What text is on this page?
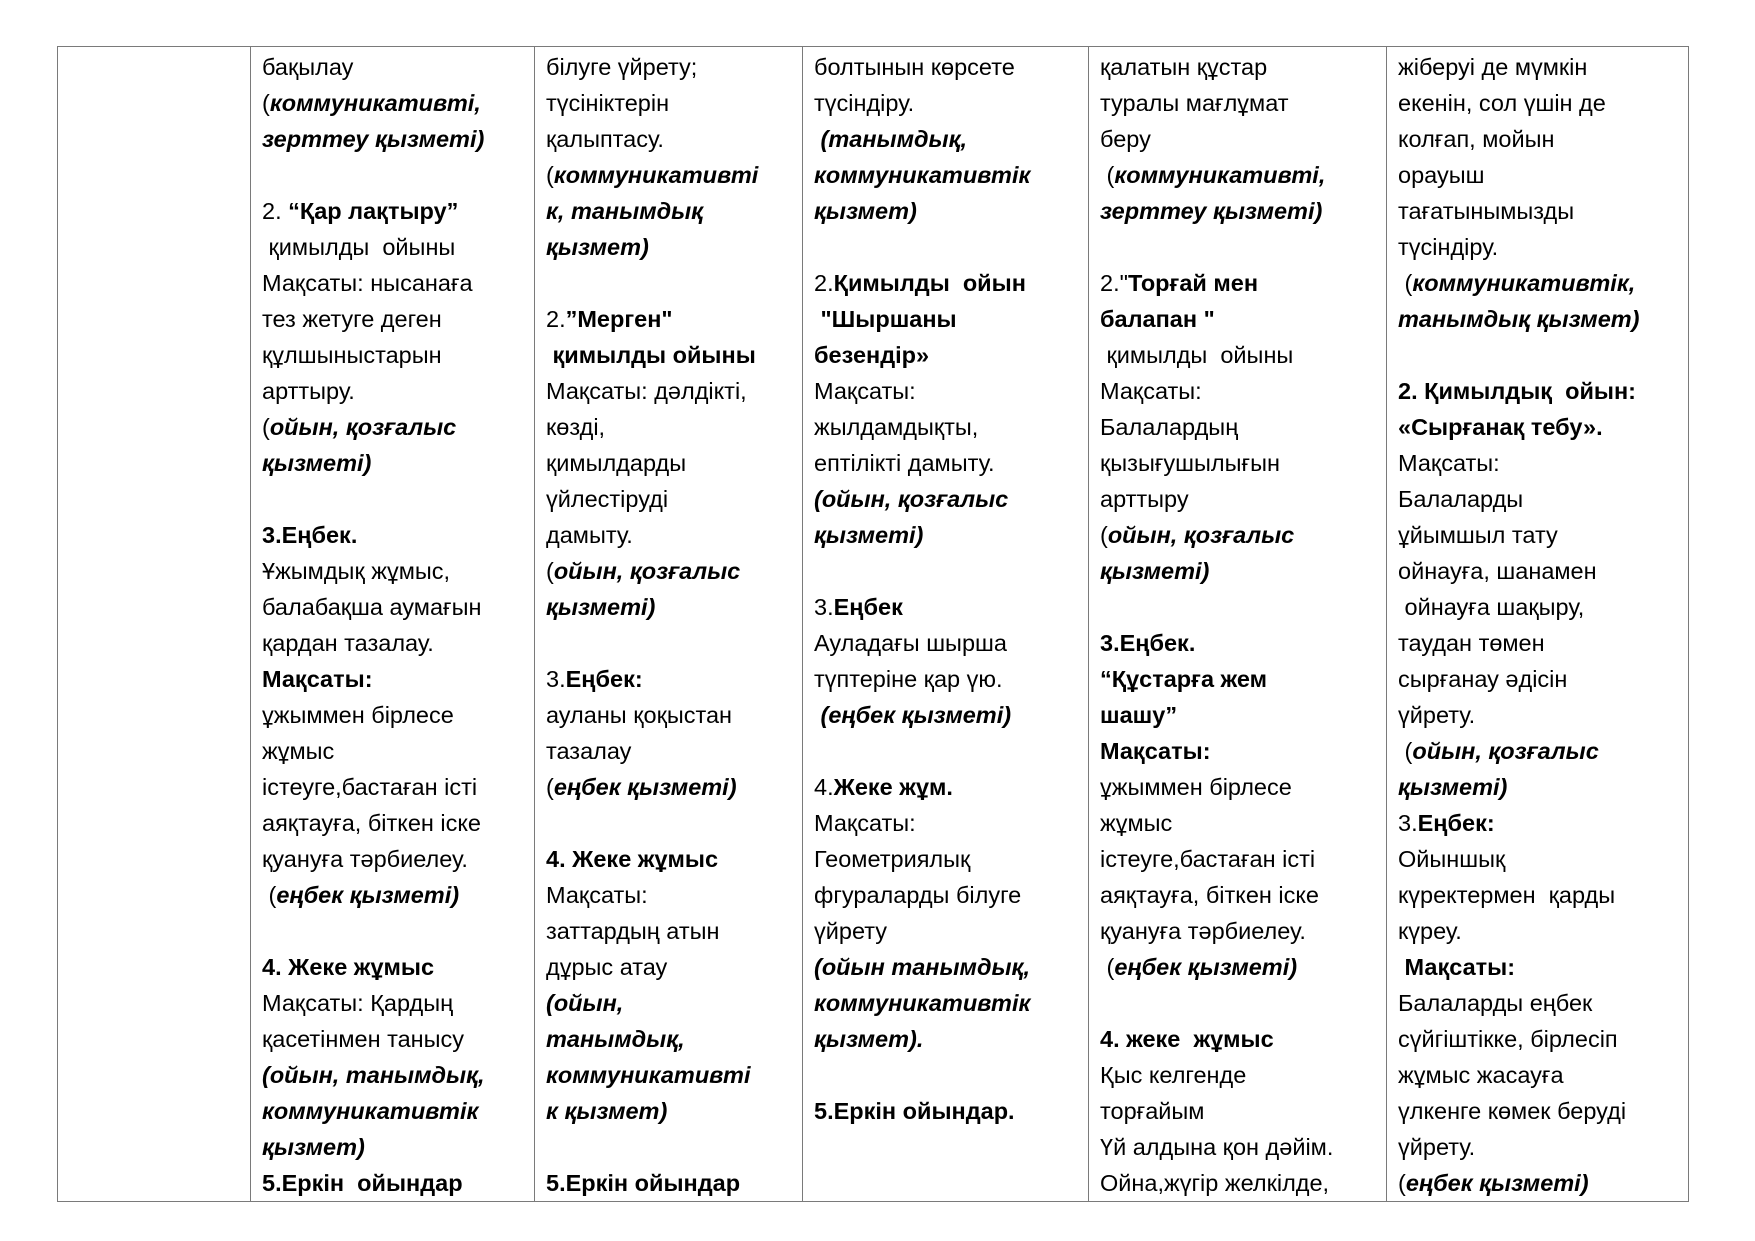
бақылау
(коммуникативті,
зерттеу қызметі)
2. “Қар лақтыру”
қимылды  ойыны
Мақсаты: нысанаға
тез жетуге деген
құлшыныстарын
арттыру.
(ойын, қозғалыс
қызметі)
3.Еңбек.
Ұжымдық жұмыс,
балабақша аумағын
қардан тазалау.
Мақсаты:
ұжыммен бірлесе
жұмыс
істеуге,бастаған істі
аяқтауға, біткен іске
қуануға тәрбиелеу.
(еңбек қызметі)
4. Жеке жұмыс
Мақсаты: Қардың
қасетінмен танысу
(ойын, танымдық,
коммуникативтік
қызмет)
5.Еркін  ойындар

білуге үйрету;
түсініктерін
қалыптасу.
(коммуникативті
к, танымдық
қызмет)
2.”Мерген"
қимылды ойыны
Мақсаты: дәлдікті,
көзді,
қимылдарды
үйлестіруді
дамыту.
(ойын, қозғалыс
қызметі)
3.Еңбек:
ауланы қоқыстан
тазалау
(еңбек қызметі)
4. Жеке жұмыс
Мақсаты:
заттардың атын
дұрыс атау
(ойын,
танымдық,
коммуникативті
к қызмет)
5.Еркін ойындар

болтынын көрсете
түсіндіру.
(танымдық,
коммуникативтік
қызмет)
2.Қимылды  ойын
"Шыршаны
безендір»
Мақсаты:
жылдамдықты,
ептілікті дамыту.
(ойын, қозғалыс
қызметі)
3.Еңбек
Ауладағы шырша
түптеріне қар үю.
(еңбек қызметі)
4.Жеке жұм.
Мақсаты:
Геометриялық
фгураларды білуге
үйрету
(ойын танымдық,
коммуникативтік
қызмет).
5.Еркін ойындар.

қалатын құстар
туралы мағлұмат
беру
(коммуникативті,
зерттеу қызметі)
2."Торғай мен
балапан "
қимылды  ойыны
Мақсаты:
Балалардың
қызығушылығын
арттыру
(ойын, қозғалыс
қызметі)
3.Еңбек.
“Құстарға жем
шашу”
Мақсаты:
ұжыммен бірлесе
жұмыс
істеуге,бастаған істі
аяқтауға, біткен іске
қуануға тәрбиелеу.
(еңбек қызметі)
4. жеке  жұмыс
Қыс келгенде
торғайым
Үй алдына қон дәйім.
Ойна,жүгір желкілде,

жіберуі де мүмкін
екенін, сол үшін де
колғап, мойын
орауыш
тағатынымызды
түсіндіру.
(коммуникативтік,
танымдық қызмет)
2. Қимылдық  ойын:
«Сырғанақ тебу».
Мақсаты:
Балаларды
ұйымшыл тату
ойнауға, шанамен
ойнауға шақыру,
таудан төмен
сырғанау әдісін
үйрету.
(ойын, қозғалыс
қызметі)
3.Еңбек:
Ойыншық
күректермен  қарды
күреу.
Мақсаты:
Балаларды еңбек
сүйгіштікке, бірлесіп
жұмыс жасауға
үлкенге көмек беруді
үйрету.
(еңбек қызметі)
